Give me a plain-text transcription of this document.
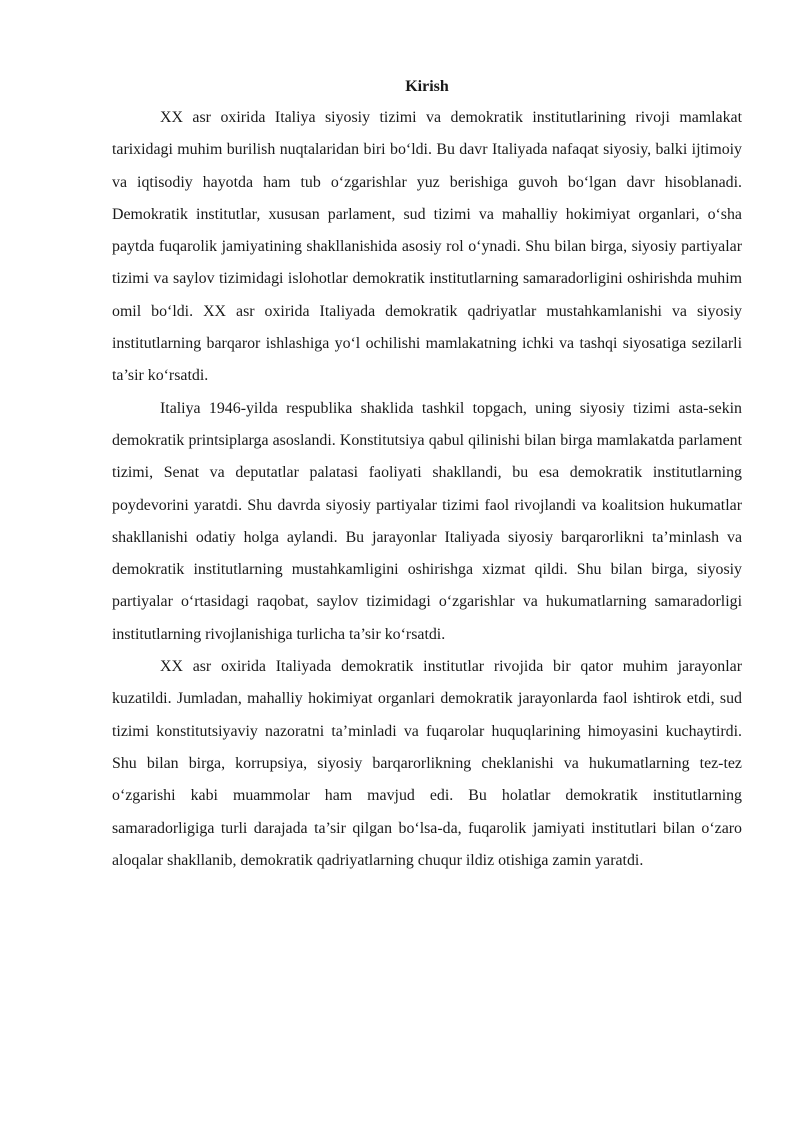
Kirish

XX asr oxirida Italiya siyosiy tizimi va demokratik institutlarining rivoji mamlakat tarixidagi muhim burilish nuqtalaridan biri bo‘ldi. Bu davr Italiyada nafaqat siyosiy, balki ijtimoiy va iqtisodiy hayotda ham tub o‘zgarishlar yuz berishiga guvoh bo‘lgan davr hisoblanadi. Demokratik institutlar, xususan parlament, sud tizimi va mahalliy hokimiyat organlari, o‘sha paytda fuqarolik jamiyatining shakllanishida asosiy rol o‘ynadi. Shu bilan birga, siyosiy partiyalar tizimi va saylov tizimidagi islohotlar demokratik institutlarning samaradorligini oshirishda muhim omil bo‘ldi. XX asr oxirida Italiyada demokratik qadriyatlar mustahkamlanishi va siyosiy institutlarning barqaror ishlashiga yo‘l ochilishi mamlakatning ichki va tashqi siyosatiga sezilarli ta’sir ko‘rsatdi.

Italiya 1946-yilda respublika shaklida tashkil topgach, uning siyosiy tizimi asta-sekin demokratik printsiplarga asoslandi. Konstitutsiya qabul qilinishi bilan birga mamlakatda parlament tizimi, Senat va deputatlar palatasi faoliyati shakllandi, bu esa demokratik institutlarning poydevorini yaratdi. Shu davrda siyosiy partiyalar tizimi faol rivojlandi va koalitsion hukumatlar shakllanishi odatiy holga aylandi. Bu jarayonlar Italiyada siyosiy barqarorlikni ta’minlash va demokratik institutlarning mustahkamligini oshirishga xizmat qildi. Shu bilan birga, siyosiy partiyalar o‘rtasidagi raqobat, saylov tizimidagi o‘zgarishlar va hukumatlarning samaradorligi institutlarning rivojlanishiga turlicha ta’sir ko‘rsatdi.

XX asr oxirida Italiyada demokratik institutlar rivojida bir qator muhim jarayonlar kuzatildi. Jumladan, mahalliy hokimiyat organlari demokratik jarayonlarda faol ishtirok etdi, sud tizimi konstitutsiyaviy nazoratni ta’minladi va fuqarolar huquqlarining himoyasini kuchaytirdi. Shu bilan birga, korrupsiya, siyosiy barqarorlikning cheklanishi va hukumatlarning tez-tez o‘zgarishi kabi muammolar ham mavjud edi. Bu holatlar demokratik institutlarning samaradorligiga turli darajada ta’sir qilgan bo‘lsa-da, fuqarolik jamiyati institutlari bilan o‘zaro aloqalar shakllanib, demokratik qadriyatlarning chuqur ildiz otishiga zamin yaratdi.
